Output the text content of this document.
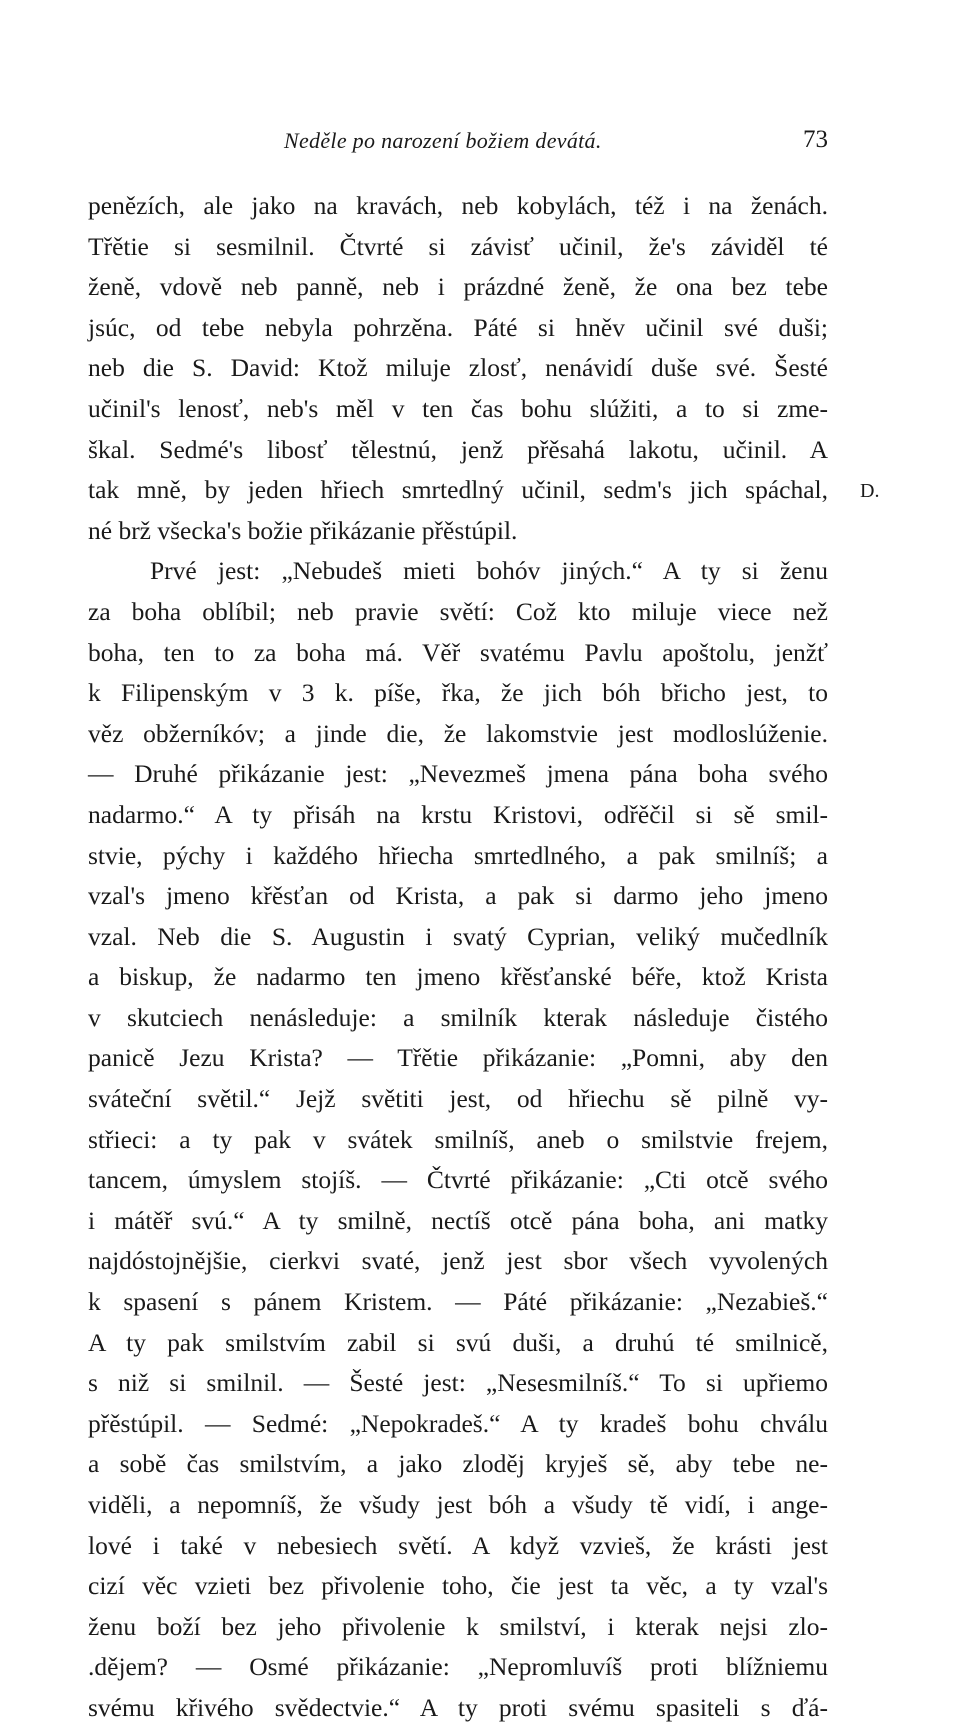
Neděle po narození božiem devátá.	73
D.
penězích, ale jako na kravách, neb kobylách, též i na ženách.
Třětie si sesmilnil. Čtvrté si závisť učinil, že's záviděl té
ženě, vdově neb panně, neb i prázdné ženě, že ona bez tebe
jsúc, od tebe nebyla pohrzěna. Páté si hněv učinil své duši;
neb die S. David: Ktož miluje zlosť, nenávidí duše své. Šesté
učinil's lenosť, neb's měl v ten čas bohu slúžiti, a to si zme-
škal. Sedmé's libosť tělestnú, jenž přěsahá lakotu, učinil. A
tak mně, by jeden hřiech smrtedlný učinil, sedm's jich spáchal,
né brž všecka's božie přikázanie přěstúpil.
Prvé jest: „Nebudeš mieti bohóv jiných.“ A ty si ženu
za boha oblíbil; neb pravie světí: Což kto miluje viece než
boha, ten to za boha má. Věř svatému Pavlu apoštolu, jenžť
k Filipenským v 3 k. píše, řka, že jich bóh břicho jest, to
věz obžerníkóv; a jinde die, že lakomstvie jest modloslúženie.
— Druhé přikázanie jest: „Nevezmeš jmena pána boha svého
nadarmo.“ A ty přisáh na krstu Kristovi, odřěčil si sě smil-
stvie, pýchy i každého hřiecha smrtedlného, a pak smilníš; a
vzal's jmeno křěsťan od Krista, a pak si darmo jeho jmeno
vzal. Neb die S. Augustin i svatý Cyprian, veliký mučedlník
a biskup, že nadarmo ten jmeno křěsťanské béře, ktož Krista
v skutciech nenásleduje: a smilník kterak následuje čistého
panicě Jezu Krista? — Třětie přikázanie: „Pomni, aby den
sváteční světil.“ Jejž světiti jest, od hřiechu sě pilně vy-
střieci: a ty pak v svátek smilníš, aneb o smilstvie frejem,
tancem, úmyslem stojíš. — Čtvrté přikázanie: „Cti otcě svého
i mátěř svú.“ A ty smilně, nectíš otcě pána boha, ani matky
najdóstojnějšie, cierkvi svaté, jenž jest sbor všech vyvolených
k spasení s pánem Kristem. — Páté přikázanie: „Nezabieš.“
A ty pak smilstvím zabil si svú duši, a druhú té smilnicě,
s niž si smilnil. — Šesté jest: „Nesesmilníš.“ To si upřiemo
přěstúpil. — Sedmé: „Nepokradeš.“ A ty kradeš bohu chválu
a sobě čas smilstvím, a jako zloděj kryješ sě, aby tebe ne-
viděli, a nepomníš, že všudy jest bóh a všudy tě vidí, i ange-
lové i také v nebesiech světí. A když vzvieš, že krásti jest
cizí věc vzieti bez přivolenie toho, čie jest ta věc, a ty vzal's
ženu boží bez jeho přivolenie k smilství, i kterak nejsi zlo-
.dějem? — Osmé přikázanie: „Nepromluvíš proti blížniemu
svému křivého svědectvie.“ A ty proti svému spasiteli s ďá-
